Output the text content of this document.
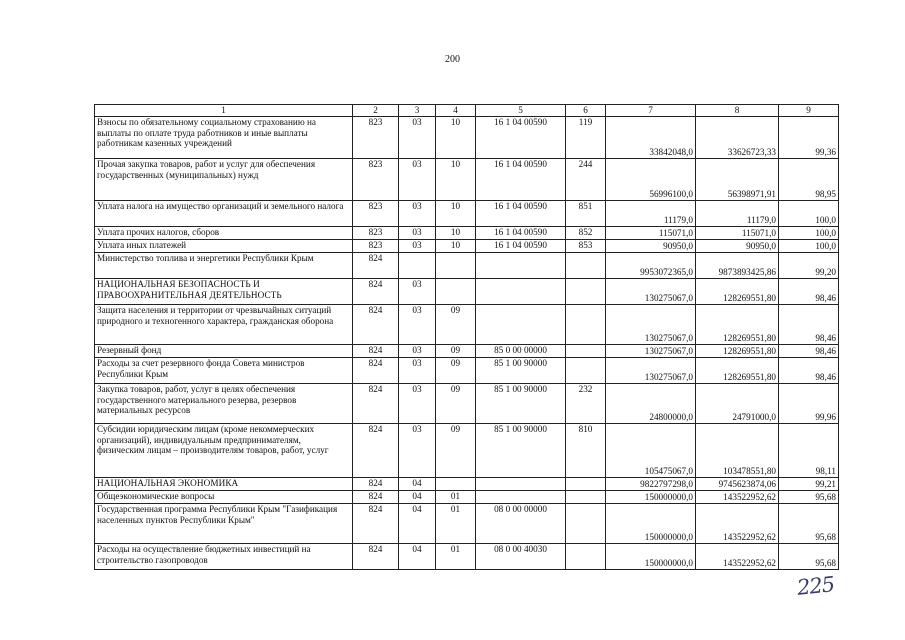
200
1	2	3	4	5	6	7	8	9
Взносы по обязательному социальному страхованию на выплаты по оплате труда работников и иные выплаты работникам казенных учреждений	823	03	10	16 1 04 00590	119	33842048,0	33626723,33	99,36
Прочая закупка товаров, работ и услуг для обеспечения государственных (муниципальных) нужд	823	03	10	16 1 04 00590	244	56996100,0	56398971,91	98,95
Уплата налога на имущество организаций и земельного налога	823	03	10	16 1 04 00590	851	11179,0	11179,0	100,0
Уплата прочих налогов, сборов	823	03	10	16 1 04 00590	852	115071,0	115071,0	100,0
Уплата иных платежей	823	03	10	16 1 04 00590	853	90950,0	90950,0	100,0
Министерство топлива и энергетики Республики Крым	824					9953072365,0	9873893425,86	99,20
НАЦИОНАЛЬНАЯ БЕЗОПАСНОСТЬ И ПРАВООХРАНИТЕЛЬНАЯ ДЕЯТЕЛЬНОСТЬ	824	03				130275067,0	128269551,80	98,46
Защита населения и территории от чрезвычайных ситуаций природного и техногенного характера, гражданская оборона	824	03	09			130275067,0	128269551,80	98,46
Резервный фонд	824	03	09	85 0 00 00000		130275067,0	128269551,80	98,46
Расходы за счет резервного фонда Совета министров Республики Крым	824	03	09	85 1 00 90000		130275067,0	128269551,80	98,46
Закупка товаров, работ, услуг в целях обеспечения государственного материального резерва, резервов материальных ресурсов	824	03	09	85 1 00 90000	232	24800000,0	24791000,0	99,96
Субсидии юридическим лицам (кроме некоммерческих организаций), индивидуальным предпринимателям, физическим лицам – производителям товаров, работ, услуг	824	03	09	85 1 00 90000	810	105475067,0	103478551,80	98,11
НАЦИОНАЛЬНАЯ ЭКОНОМИКА	824	04				9822797298,0	9745623874,06	99,21
Общеэкономические вопросы	824	04	01			150000000,0	143522952,62	95,68
Государственная программа Республики Крым "Газификация населенных пунктов Республики Крым"	824	04	01	08 0 00 00000		150000000,0	143522952,62	95,68
Расходы на осуществление бюджетных инвестиций на строительство газопроводов	824	04	01	08 0 00 40030		150000000,0	143522952,62	95,68
225
